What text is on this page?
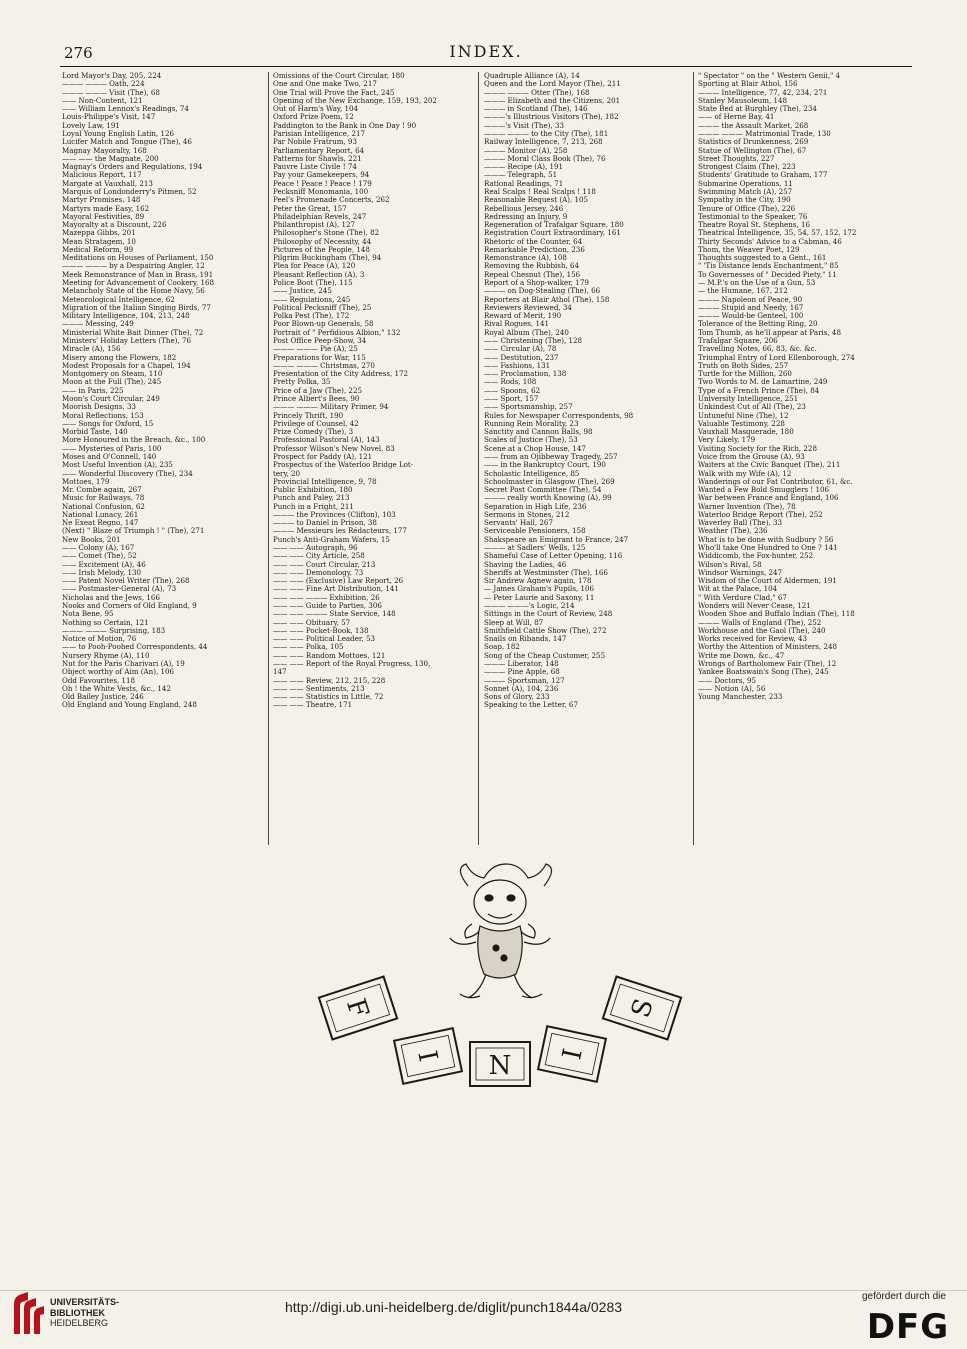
276	INDEX.
Lord Mayor's Day, 205, 224
——— ——— Oath, 224
——— ——— Visit (The), 68
—— Non-Content, 121
—— William Lennox's Readings, 74
Louis-Philippe's Visit, 147
Lovely Law, 191
Loyal Young English Latin, 126
Lucifer Match and Tongue (The), 46
Magnay Mayoralty, 168
—— —— the Magnate, 200
Magnay's Orders and Regulations, 194
Malicious Report, 117
Margate at Vauxhall, 213
Marquis of Londonderry's Pitmen, 52
Martyr Promises, 148
Martyrs made Easy, 162
Mayoral Festivities, 89
Mayoralty at a Discount, 226
Mazeppa Gibbs, 201
Mean Stratagem, 10
Medical Reform, 99
Meditations on Houses of Parliament, 150
——— ——— by a Despairing Angler, 12
Meek Remonstrance of Man in Brass, 191
Meeting for Advancement of Cookery, 168
Melancholy State of the Home Navy, 56
Meteorological Intelligence, 62
Migration of the Italian Singing Birds, 77
Military Intelligence, 104, 213, 248
——— Messing, 249
Ministerial White Bait Dinner (The), 72
Ministers' Holiday Letters (The), 76
Miracle (A), 156
Misery among the Flowers, 182
Modest Proposals for a Chapel, 194
Montgomery on Steam, 110
Moon at the Full (The), 245
—— in Paris, 225
Moon's Court Circular, 249
Moorish Designs, 33
Moral Reflections, 153
—— Songs for Oxford, 15
Morbid Taste, 140
More Honoured in the Breach, &c., 100
—— Mysteries of Paris, 100
Moses and O'Connell, 140
Most Useful Invention (A), 235
—— Wonderful Discovery (The), 234
Mottoes, 179
Mr. Combe again, 267
Music for Railways, 78
National Confusion, 62
National Lunacy, 261
Ne Exeat Regno, 147
(Next) " Blaze of Triumph ! " (The), 271
New Books, 201
—— Colony (A), 167
—— Comet (The), 52
—— Excitement (A), 46
—— Irish Melody, 130
—— Patent Novel Writer (The), 268
—— Postmaster-General (A), 73
Nicholas and the Jews, 166
Nooks and Corners of Old England, 9
Nota Bene, 95
Nothing so Certain, 121
——— ——— Surprising, 183
Notice of Motion, 76
—— to Pooh-Poohed Correspondents, 44
Nursery Rhyme (A), 110
Nut for the Paris Charivari (A), 19
Object worthy of Aim (An), 106
Odd Favourites, 118
Oh ! the White Vests, &c., 142
Old Bailey Justice, 246
Old England and Young England, 248
Omissions of the Court Circular, 180
One and One make Two, 217
One Trial will Prove the Fact, 245
Opening of the New Exchange, 159, 193, 202
Out of Harm's Way, 104
Oxford Prize Poem, 12
Paddington to the Bank in One Day ! 90
Parisian Intelligence, 217
Par Nobile Fratrum, 93
Parliamentary Report, 64
Patterns for Shawls, 221
Pauvre Liste Civile ! 74
Pay your Gamekeepers, 94
Peace ! Peace ! Peace ! 179
Pecksniff Monomania, 100
Peel's Promenade Concerts, 262
Peter the Great, 157
Philadelphian Revels, 247
Philanthropist (A), 127
Philosopher's Stone (The), 82
Philosophy of Necessity, 44
Pictures of the People, 148
Pilgrim Buckingham (The), 94
Plea for Peace (A), 120
Pleasant Reflection (A), 3
Police Boot (The), 115
—— Justice, 245
—— Regulations, 245
Political Pecksniff (The), 25
Polka Pest (The), 172
Poor Blown-up Generals, 58
Portrait of " Perfidious Albion," 132
Post Office Peep-Show, 34
——— ——— Pie (A), 25
Preparations for War, 115
——— ——— Christmas, 270
Presentation of the City Address, 172
Pretty Polka, 35
Price of a Jaw (The), 225
Prince Albert's Bees, 90
——— ——— Military Primer, 94
Princely Thrift, 190
Privilege of Counsel, 42
Prize Comedy (The), 3
Professional Pastoral (A), 143
Professor Wilson's New Novel, 83
Prospect for Paddy (A), 121
Prospectus of the Waterloo Bridge Lot-
tery, 20
Provincial Intelligence, 9, 78
Public Exhibition, 180
Punch and Paley, 213
Punch in a Fright, 211
——— the Provinces (Clifton), 103
——— to Daniel in Prison, 38
——— Messieurs les Rédacteurs, 177
Punch's Anti-Graham Wafers, 15
—— —— Autograph, 96
—— —— City Article, 258
—— —— Court Circular, 213
—— —— Demonology, 73
—— —— (Exclusive) Law Report, 26
—— —— Fine Art Distribution, 141
—— —— ——— Exhibition, 26
—— —— Guide to Parties, 306
—— —— ——— State Service, 148
—— —— Obituary, 57
—— —— Pocket-Book, 138
—— —— Political Leader, 53
—— —— Polka, 105
—— —— Random Mottoes, 121
—— —— Report of the Royal Progress, 130,
147
—— —— Review, 212, 215, 228
—— —— Sentiments, 213
—— —— Statistics in Little, 72
—— —— Theatre, 171
Quadruple Alliance (A), 14
Queen and the Lord Mayor (The), 211
——— ——— Otter (The), 168
——— Elizabeth and the Citizens, 201
——— in Scotland (The), 146
———'s Illustrious Visitors (The), 182
———'s Visit (The), 33
——— ——— to the City (The), 181
Railway Intelligence, 7, 213, 268
——— Monitor (A), 258
——— Moral Class Book (The), 76
——— Recipe (A), 191
——— Telegraph, 51
Rational Readings, 71
Real Scalps ! Real Scalps ! 118
Reasonable Request (A), 105
Rebellious Jersey, 246
Redressing an Injury, 9
Regeneration of Trafalgar Square, 180
Registration Court Extraordinary, 161
Rhetoric of the Counter, 64
Remarkable Prediction, 236
Remonstrance (A), 108
Removing the Rubbish, 64
Repeal Chesnut (The), 156
Report of a Shop-walker, 179
——— on Dog-Stealing (The), 66
Reporters at Blair Athol (The), 158
Reviewers Reviewed, 34
Reward of Merit, 190
Rival Rogues, 141
Royal Album (The), 240
—— Christening (The), 128
—— Circular (A), 78
—— Destitution, 237
—— Fashions, 131
—— Proclamation, 138
—— Rods, 108
—— Spoons, 62
—— Sport, 157
—— Sportsmanship, 257
Rules for Newspaper Correspondents, 98
Running Rein Morality, 23
Sanctity and Cannon Balls, 98
Scales of Justice (The), 53
Scene at a Chop House, 147
—— from an Ojibbeway Tragedy, 257
—— in the Bankruptcy Court, 190
Scholastic Intelligence, 85
Schoolmaster in Glasgow (The), 269
Secret Post Committee (The), 54
——— really worth Knowing (A), 99
Separation in High Life, 236
Sermons in Stones, 212
Servants' Hall, 267
Serviceable Pensioners, 158
Shakspeare an Emigrant to France, 247
——— at Sadlers' Wells, 125
Shameful Case of Letter Opening, 116
Shaving the Ladies, 46
Sheriffs at Westminster (The), 166
Sir Andrew Agnew again, 178
— James Graham's Pupils, 106
— Peter Laurie and Saxony, 11
——— ———'s Logic, 214
Sittings in the Court of Review, 248
Sleep at Will, 87
Smithfield Cattle Show (The), 272
Snails on Ribands, 147
Soap, 182
Song of the Cheap Customer, 255
——— Liberator, 148
——— Pine Apple, 68
——— Sportsman, 127
Sonnet (A), 104, 236
Sons of Glory, 233
Speaking to the Letter, 67
" Spectator " on the " Western Genii," 4
Sporting at Blair Athol, 156
——— Intelligence, 77, 42, 234, 271
Stanley Mausoleum, 148
State Bed at Burghley (The), 234
—— of Herne Bay, 41
——— the Assault Market, 268
——— ——— Matrimonial Trade, 130
Statistics of Drunkenness, 269
Statue of Wellington (The), 67
Street Thoughts, 227
Strongest Claim (The), 223
Students' Gratitude to Graham, 177
Submarine Operations, 11
Swimming Match (A), 257
Sympathy in the City, 190
Tenure of Office (The), 226
Testimonial to the Speaker, 76
Theatre Royal St. Stephens, 16
Theatrical Intelligence, 35, 54, 57, 152, 172
Thirty Seconds' Advice to a Cabman, 46
Thom, the Weaver Poet, 129
Thoughts suggested to a Gent., 161
" 'Tis Distance lends Enchantment," 85
To Governesses of " Decided Piety," 11
— M.P.'s on the Use of a Gun, 53
— the Humane, 167, 212
——— Napoleon of Peace, 90
——— Stupid and Needy, 167
——— Would-be Genteel, 100
Tolerance of the Betting Ring, 20
Tom Thumb, as he'll appear at Paris, 48
Trafalgar Square, 206
Travelling Notes, 66, 83, &c. &c.
Triumphal Entry of Lord Ellenborough, 274
Truth on Both Sides, 257
Turtle for the Million, 260
Two Words to M. de Lamartine, 249
Type of a French Prince (The), 84
University Intelligence, 251
Unkindest Cut of All (The), 23
Untuneful Nine (The), 12
Valuable Testimony, 228
Vauxhall Masquerade, 180
Very Likely, 179
Visiting Society for the Rich, 228
Voice from the Grouse (A), 93
Waiters at the Civic Banquet (The), 211
Walk with my Wife (A), 12
Wanderings of our Fat Contributor, 61, &c.
Wanted a Few Bold Smugglers ! 106
War between France and England, 106
Warner Invention (The), 78
Waterloo Bridge Report (The), 252
Waverley Ball (The), 33
Weather (The), 236
What is to be done with Sudbury ? 56
Who'll take One Hundred to One ? 141
Widdicomb, the Fox-hunter, 252
Wilson's Rival, 58
Windsor Warnings, 247
Wisdom of the Court of Aldermen, 191
Wit at the Palace, 104
" With Verdure Clad," 67
Wonders will Never Cease, 121
Wooden Shoe and Buffalo Indian (The), 118
——— Walls of England (The), 252
Workhouse and the Gaol (The), 240
Works received for Review, 43
Worthy the Attention of Ministers, 248
Write me Down, &c., 47
Wrongs of Bartholomew Fair (The), 12
Yankee Boatswain's Song (The), 245
—— Doctors, 95
—— Notion (A), 56
Young Manchester, 233
F
I N I
S
UNIVERSITÄTS-
BIBLIOTHEK
HEIDELBERG
http://digi.ub.uni-heidelberg.de/diglit/punch1844a/0283
gefördert durch die
DFG
